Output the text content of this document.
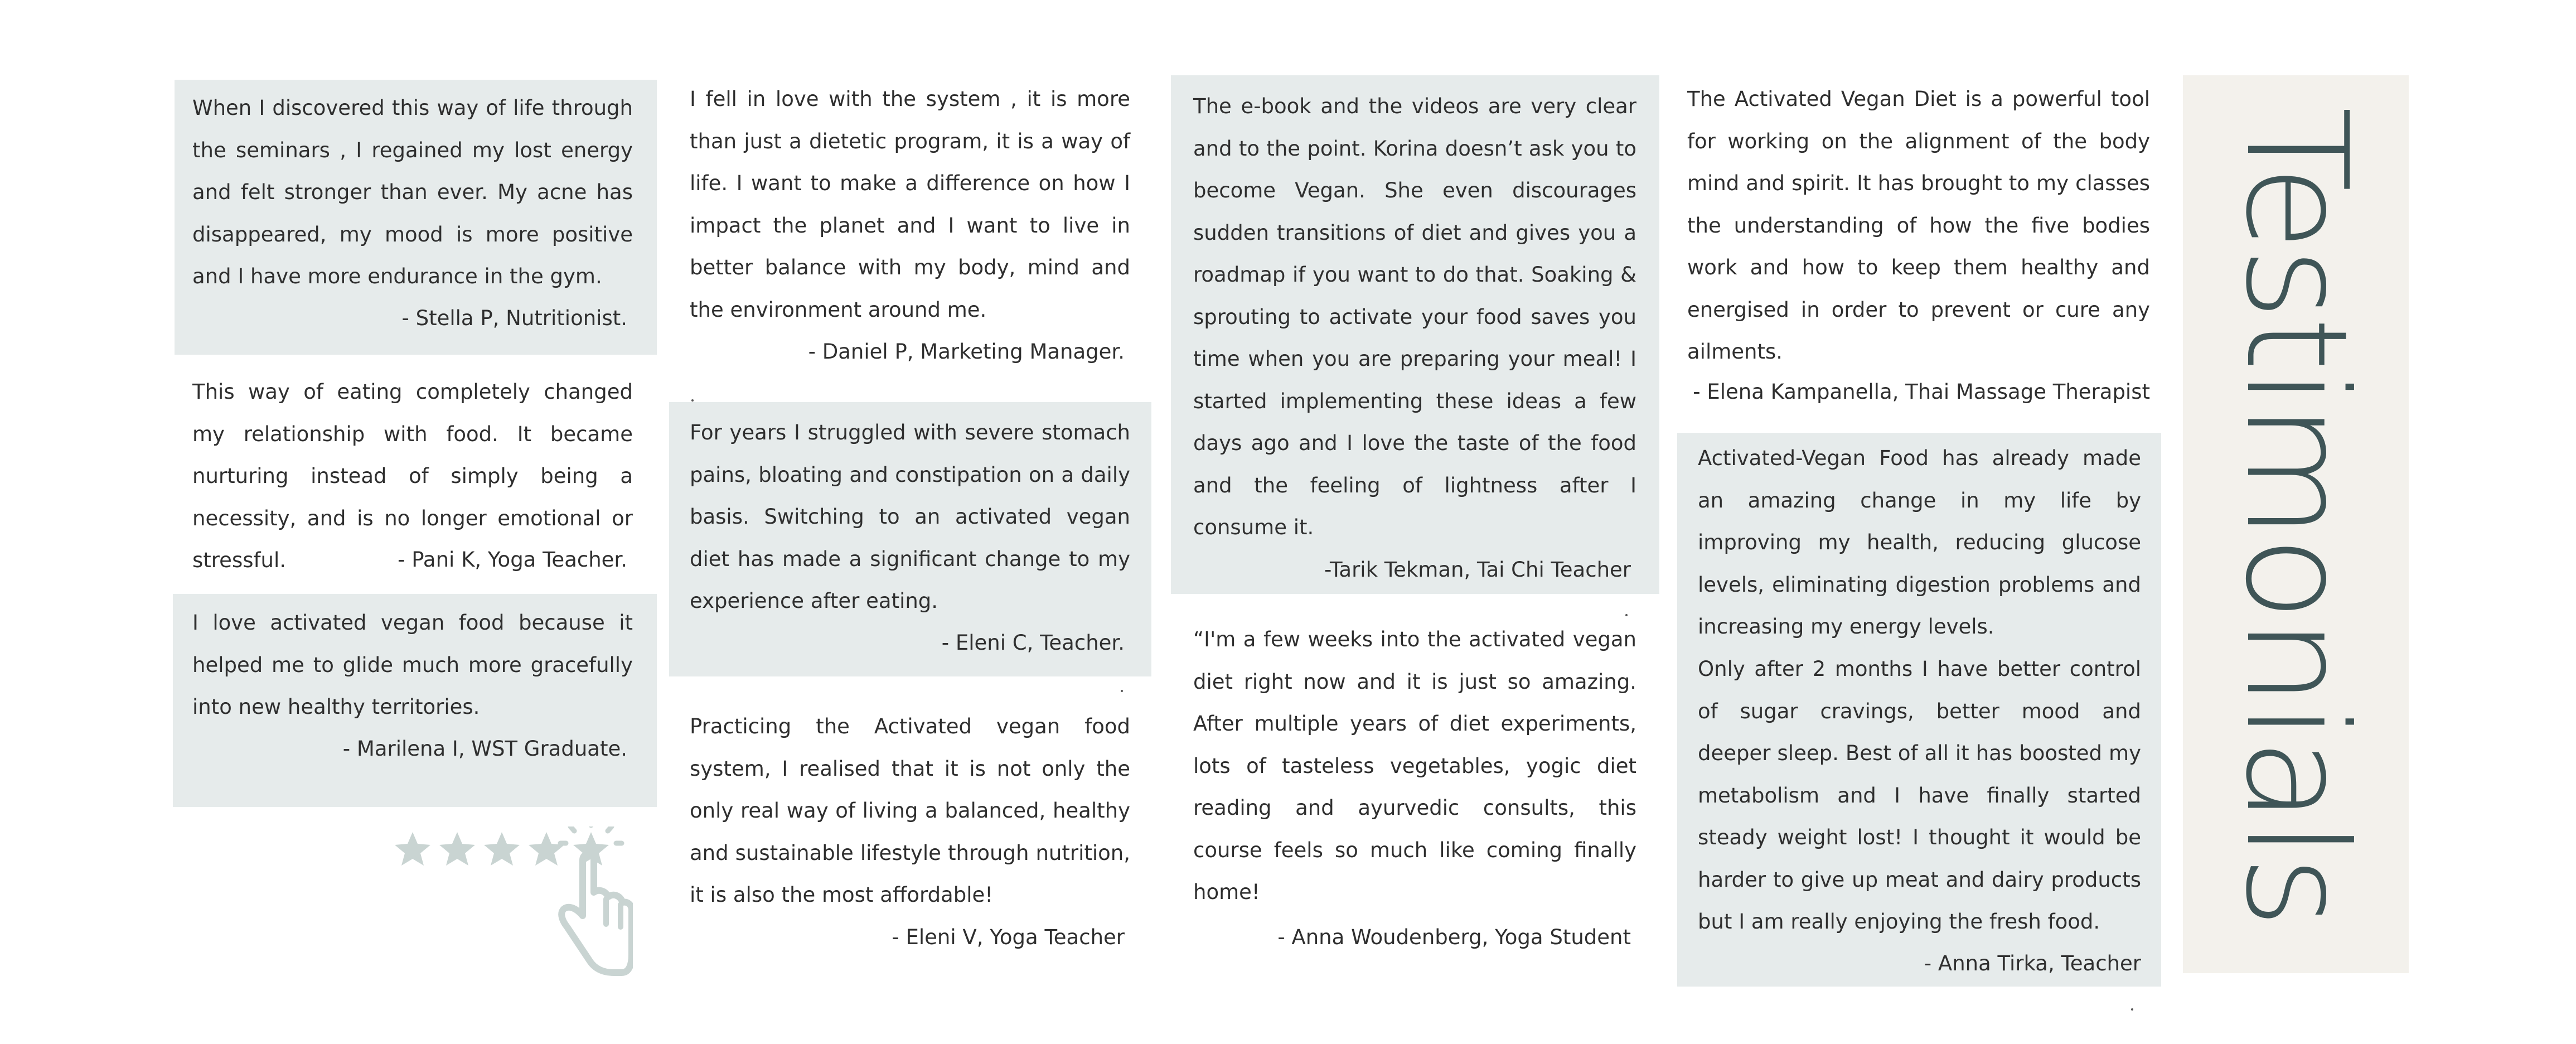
When I discovered this way of life through the seminars , I regained my lost energy and felt stronger than ever. My acne has disappeared, my mood is more positive and I have more endurance in the gym.

- Stella P, Nutritionist.

This way of eating completely changed my relationship with food. It became nurturing instead of simply being a necessity, and is no longer emotional or stressful.	- Pani K, Yoga Teacher.

I love activated vegan food because it helped me to glide much more gracefully into new healthy territories.

- Marilena I, WST Graduate.

I fell in love with the system , it is more than just a dietetic program, it is a way of life. I want to make a difference on how I impact the planet and I want to live in better balance with my body, mind and the environment around me.

- Daniel P, Marketing Manager.

For years I struggled with severe stomach pains, bloating and constipation on a daily basis. Switching to an activated vegan diet has made a significant change to my experience after eating.

- Eleni C, Teacher.

Practicing the Activated vegan food system, I realised that it is not only the only real way of living a balanced, healthy and sustainable lifestyle through nutrition, it is also the most affordable!

- Eleni V, Yoga Teacher

The e-book and the videos are very clear and to the point. Korina doesn’t ask you to become Vegan. She even discourages sudden transitions of diet and gives you a roadmap if you want to do that. Soaking & sprouting to activate your food saves you time when you are preparing your meal! I started implementing these ideas a few days ago and I love the taste of the food and the feeling of lightness after I consume it.

-Tarik Tekman, Tai Chi Teacher

“I'm a few weeks into the activated vegan diet right now and it is just so amazing. After multiple years of diet experiments, lots of tasteless vegetables, yogic diet reading and ayurvedic consults, this course feels so much like coming finally home!

- Anna Woudenberg, Yoga Student

The Activated Vegan Diet is a powerful tool for working on the alignment of the body mind and spirit. It has brought to my classes the understanding of how the five bodies work and how to keep them healthy and energised in order to prevent or cure any ailments.

- Elena Kampanella, Thai Massage Therapist

Activated-Vegan Food has already made an amazing change in my life by improving my health, reducing glucose levels, eliminating digestion problems and increasing my energy levels.

Only after 2 months I have better control of sugar cravings, better mood and deeper sleep. Best of all it has boosted my metabolism and I have finally started steady weight lost! I thought it would be harder to give up meat and dairy products but I am really enjoying the fresh food.

- Anna Tirka, Teacher
Testimonials
